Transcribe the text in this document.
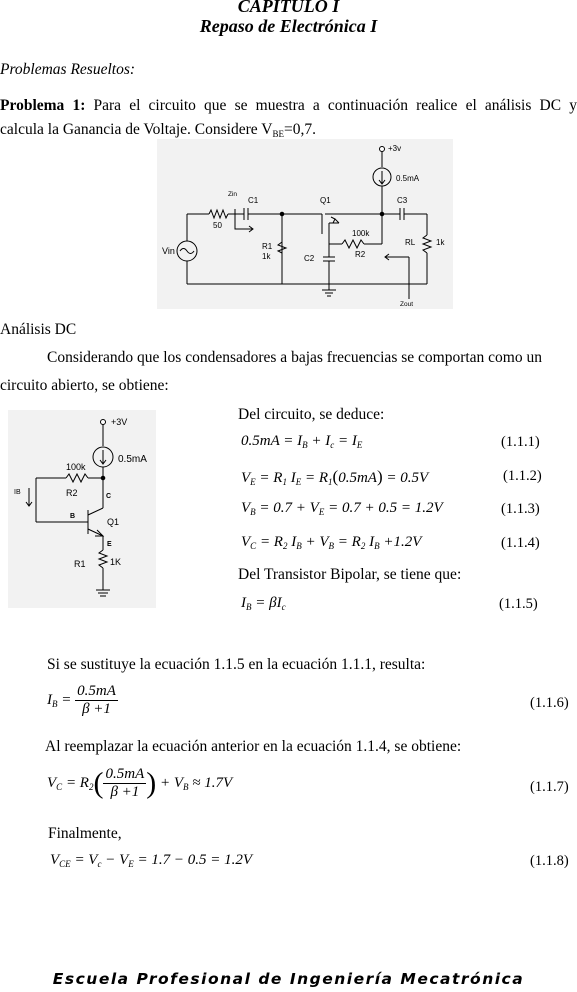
CAPITULO I
Repaso de Electrónica I
Problemas Resueltos:
Problema 1: Para el circuito que se muestra a continuación realice el análisis DC y
calcula la Ganancia de Voltaje. Considere $V_{BE}=0,7$.
+3v
0.5mA
Zin
C1
50
Q1	C3
R1
1k
100k
R2
C2
RL	1k
Vin
Zout
Análisis DC
Considerando que los condensadores a bajas frecuencias se comportan como un
circuito abierto, se obtiene:
+3V
0.5mA
100k
R2
IB
C
B
Q1
E
R1	1K
Del circuito, se deduce:
$0.5mA = I_B + I_c = I_E$	(1.1.1)
$V_E = R_1$ $I_E = R_1(0.5mA) = 0.5V$	(1.1.2)
$V_B = 0.7 + V_E = 0.7 + 0.5 = 1.2V$	(1.1.3)
$V_C = R_2$ $I_B + V_B = R_2$ $I_B +1.2V$	(1.1.4)
Del Transistor Bipolar, se tiene que:
$I_B = \beta I_c$	(1.1.5)
Si se sustituye la ecuación 1.1.5 en la ecuación 1.1.1, resulta:
$I_B = \frac{0.5mA}{\beta +1}$	(1.1.6)
Al reemplazar la ecuación anterior en la ecuación 1.1.4, se obtiene:
$V_C = R_2( \frac{0.5mA}{\beta +1}$ ) + $V_B \approx 1.7V$	(1.1.7)
Finalmente,
$V_{CE} = V_c - V_E = 1.7 - 0.5 = 1.2V$	(1.1.8)
Escuela Profesional de Ingeniería Mecatrónica
